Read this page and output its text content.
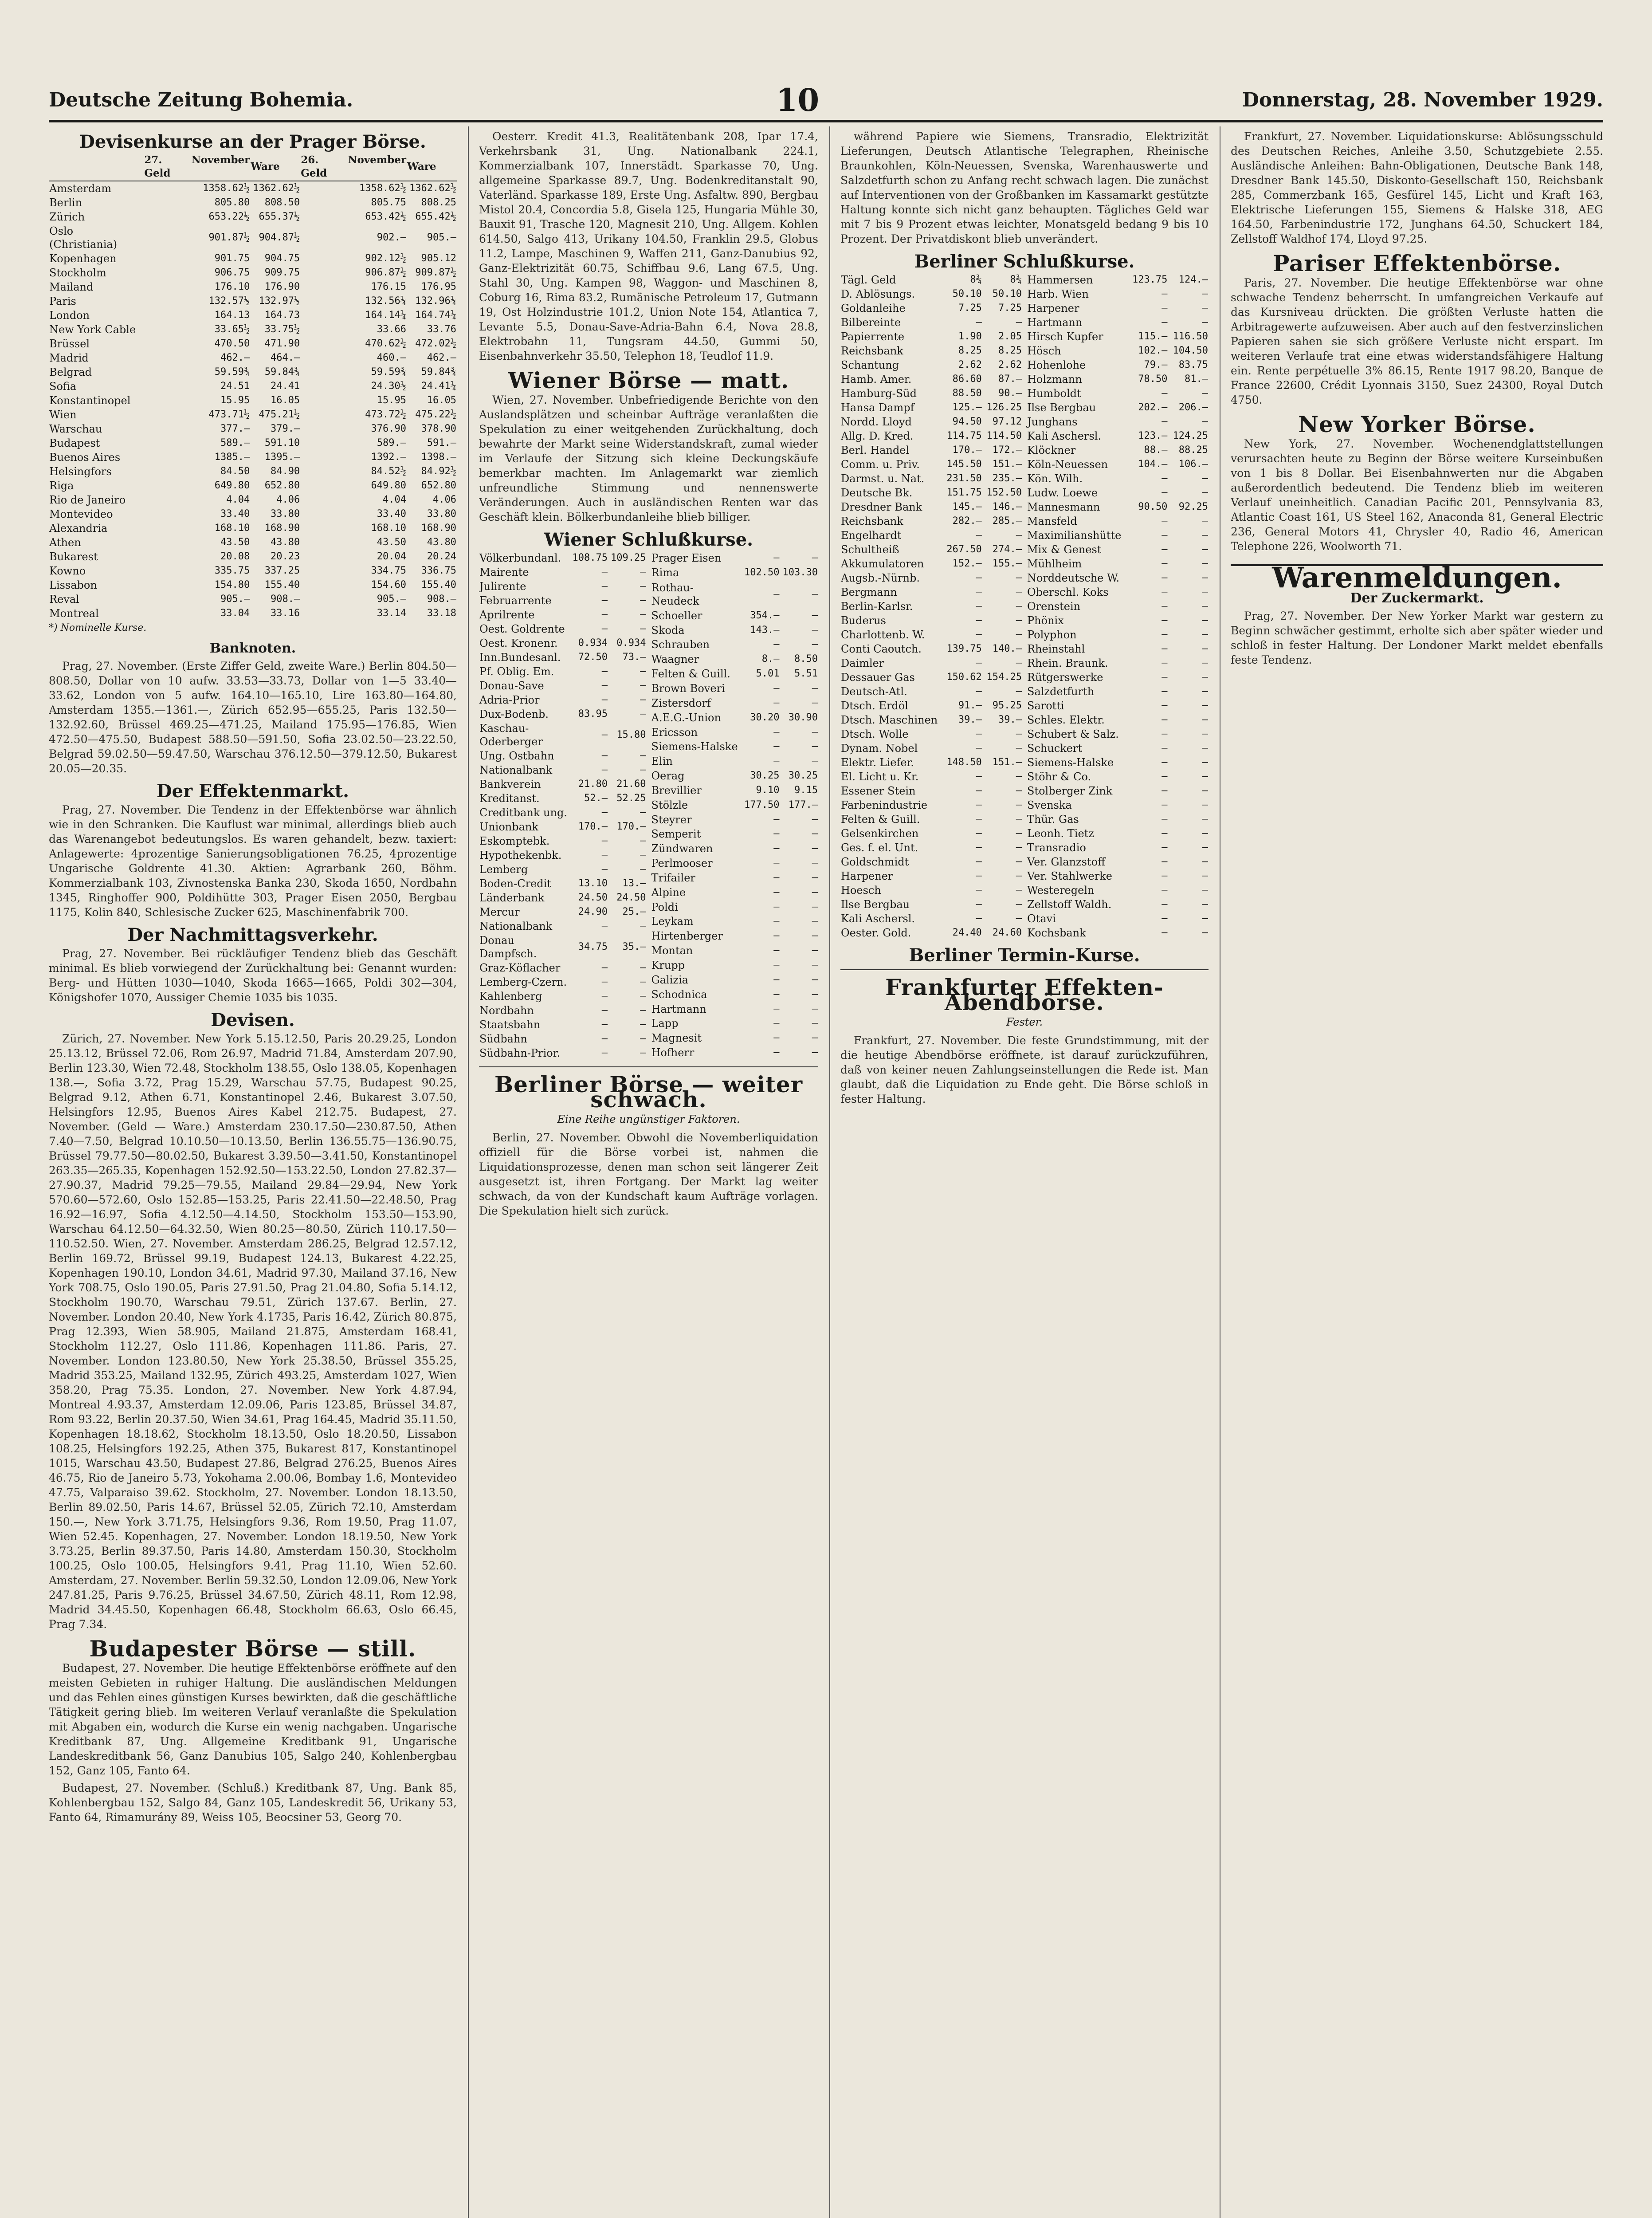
Deutsche Zeitung Bohemia.	10	Donnerstag, 28. November 1929.
Devisenkurse an der Prager Börse.
	27. November Geld	Ware	26. November Geld	Ware
Amsterdam	1358.62½	1362.62½	1358.62½	1362.62½
Berlin	805.80	808.50	805.75	808.25
Zürich	653.22½	655.37½	653.42½	655.42½
Oslo (Christiania)	901.87½	904.87½	902.—	905.—
Kopenhagen	901.75	904.75	902.12½	905.12
Stockholm	906.75	909.75	906.87½	909.87½
Mailand	176.10	176.90	176.15	176.95
Paris	132.57½	132.97½	132.56¼	132.96¼
London	164.13	164.73	164.14¼	164.74¼
New York Cable	33.65½	33.75½	33.66	33.76
Brüssel	470.50	471.90	470.62½	472.02½
Madrid	462.—	464.—	460.—	462.—
Belgrad	59.59¾	59.84¾	59.59¾	59.84¾
Sofia	24.51	24.41	24.30½	24.41¼
Konstantinopel	15.95	16.05	15.95	16.05
Wien	473.71½	475.21½	473.72½	475.22½
Warschau	377.—	379.—	376.90	378.90
Budapest	589.—	591.10	589.—	591.—
Buenos Aires	1385.—	1395.—	1392.—	1398.—
Helsingfors	84.50	84.90	84.52½	84.92½
Riga	649.80	652.80	649.80	652.80
Rio de Janeiro	4.04	4.06	4.04	4.06
Montevideo	33.40	33.80	33.40	33.80
Alexandria	168.10	168.90	168.10	168.90
Athen	43.50	43.80	43.50	43.80
Bukarest	20.08	20.23	20.04	20.24
Kowno	335.75	337.25	334.75	336.75
Lissabon	154.80	155.40	154.60	155.40
Reval	905.—	908.—	905.—	908.—
Montreal	33.04	33.16	33.14	33.18
*) Nominelle Kurse.
Banknoten.

Prag, 27. November. (Erste Ziffer Geld, zweite Ware.) Berlin 804.50—808.50, Dollar von 10 aufw. 33.53—33.73, Dollar von 1—5 33.40—33.62, London von 5 aufw. 164.10—165.10, Lire 163.80—164.80, Amsterdam 1355.—1361.—, Zürich 652.95—655.25, Paris 132.50—132.92.60, Brüssel 469.25—471.25, Mailand 175.95—176.85, Wien 472.50—475.50, Budapest 588.50—591.50, Sofia 23.02.50—23.22.50, Belgrad 59.02.50—59.47.50, Warschau 376.12.50—379.12.50, Bukarest 20.05—20.35.

Der Effektenmarkt.

Prag, 27. November. Die Tendenz in der Effektenbörse war ähnlich wie in den Schranken. Die Kauflust war minimal, allerdings blieb auch das Warenangebot bedeutungslos. Es waren gehandelt, bezw. taxiert: Anlagewerte: 4prozentige Sanierungsobligationen 76.25, 4prozentige Ungarische Goldrente 41.30. Aktien: Agrarbank 260, Böhm. Kommerzialbank 103, Zivnostenska Banka 230, Skoda 1650, Nordbahn 1345, Ringhoffer 900, Poldihütte 303, Prager Eisen 2050, Bergbau 1175, Kolin 840, Schlesische Zucker 625, Maschinenfabrik 700.

Der Nachmittagsverkehr.

Prag, 27. November. Bei rückläufiger Tendenz blieb das Geschäft minimal. Es blieb vorwiegend der Zurückhaltung bei: Genannt wurden: Berg- und Hütten 1030—1040, Skoda 1665—1665, Poldi 302—304, Königshofer 1070, Aussiger Chemie 1035 bis 1035.

Devisen.

Zürich, 27. November. New York 5.15.12.50, Paris 20.29.25, London 25.13.12, Brüssel 72.06, Rom 26.97, Madrid 71.84, Amsterdam 207.90, Berlin 123.30, Wien 72.48, Stockholm 138.55, Oslo 138.05, Kopenhagen 138.—, Sofia 3.72, Prag 15.29, Warschau 57.75, Budapest 90.25, Belgrad 9.12, Athen 6.71, Konstantinopel 2.46, Bukarest 3.07.50, Helsingfors 12.95, Buenos Aires Kabel 212.75. Budapest, 27. November. (Geld — Ware.) Amsterdam 230.17.50—230.87.50, Athen 7.40—7.50, Belgrad 10.10.50—10.13.50, Berlin 136.55.75—136.90.75, Brüssel 79.77.50—80.02.50, Bukarest 3.39.50—3.41.50, Konstantinopel 263.35—265.35, Kopenhagen 152.92.50—153.22.50, London 27.82.37—27.90.37, Madrid 79.25—79.55, Mailand 29.84—29.94, New York 570.60—572.60, Oslo 152.85—153.25, Paris 22.41.50—22.48.50, Prag 16.92—16.97, Sofia 4.12.50—4.14.50, Stockholm 153.50—153.90, Warschau 64.12.50—64.32.50, Wien 80.25—80.50, Zürich 110.17.50—110.52.50. Wien, 27. November. Amsterdam 286.25, Belgrad 12.57.12, Berlin 169.72, Brüssel 99.19, Budapest 124.13, Bukarest 4.22.25, Kopenhagen 190.10, London 34.61, Madrid 97.30, Mailand 37.16, New York 708.75, Oslo 190.05, Paris 27.91.50, Prag 21.04.80, Sofia 5.14.12, Stockholm 190.70, Warschau 79.51, Zürich 137.67. Berlin, 27. November. London 20.40, New York 4.1735, Paris 16.42, Zürich 80.875, Prag 12.393, Wien 58.905, Mailand 21.875, Amsterdam 168.41, Stockholm 112.27, Oslo 111.86, Kopenhagen 111.86. Paris, 27. November. London 123.80.50, New York 25.38.50, Brüssel 355.25, Madrid 353.25, Mailand 132.95, Zürich 493.25, Amsterdam 1027, Wien 358.20, Prag 75.35. London, 27. November. New York 4.87.94, Montreal 4.93.37, Amsterdam 12.09.06, Paris 123.85, Brüssel 34.87, Rom 93.22, Berlin 20.37.50, Wien 34.61, Prag 164.45, Madrid 35.11.50, Kopenhagen 18.18.62, Stockholm 18.13.50, Oslo 18.20.50, Lissabon 108.25, Helsingfors 192.25, Athen 375, Bukarest 817, Konstantinopel 1015, Warschau 43.50, Budapest 27.86, Belgrad 276.25, Buenos Aires 46.75, Rio de Janeiro 5.73, Yokohama 2.00.06, Bombay 1.6, Montevideo 47.75, Valparaiso 39.62. Stockholm, 27. November. London 18.13.50, Berlin 89.02.50, Paris 14.67, Brüssel 52.05, Zürich 72.10, Amsterdam 150.—, New York 3.71.75, Helsingfors 9.36, Rom 19.50, Prag 11.07, Wien 52.45. Kopenhagen, 27. November. London 18.19.50, New York 3.73.25, Berlin 89.37.50, Paris 14.80, Amsterdam 150.30, Stockholm 100.25, Oslo 100.05, Helsingfors 9.41, Prag 11.10, Wien 52.60. Amsterdam, 27. November. Berlin 59.32.50, London 12.09.06, New York 247.81.25, Paris 9.76.25, Brüssel 34.67.50, Zürich 48.11, Rom 12.98, Madrid 34.45.50, Kopenhagen 66.48, Stockholm 66.63, Oslo 66.45, Prag 7.34.

Budapester Börse — still.

Budapest, 27. November. Die heutige Effektenbörse eröffnete auf den meisten Gebieten in ruhiger Haltung. Die ausländischen Meldungen und das Fehlen eines günstigen Kurses bewirkten, daß die geschäftliche Tätigkeit gering blieb. Im weiteren Verlauf veranlaßte die Spekulation mit Abgaben ein, wodurch die Kurse ein wenig nachgaben. Ungarische Kreditbank 87, Ung. Allgemeine Kreditbank 91, Ungarische Landeskreditbank 56, Ganz Danubius 105, Salgo 240, Kohlenbergbau 152, Ganz 105, Fanto 64.

Budapest, 27. November. (Schluß.) Kreditbank 87, Ung. Bank 85, Kohlenbergbau 152, Salgo 84, Ganz 105, Landeskredit 56, Urikany 53, Fanto 64, Rimamurány 89, Weiss 105, Beocsiner 53, Georg 70.

Oesterr. Kredit 41.3, Realitätenbank 208, Ipar 17.4, Verkehrsbank 31, Ung. Nationalbank 224.1, Kommerzialbank 107, Innerstädt. Sparkasse 70, Ung. allgemeine Sparkasse 89.7, Ung. Bodenkreditanstalt 90, Vaterländ. Sparkasse 189, Erste Ung. Asfaltw. 890, Bergbau Mistol 20.4, Concordia 5.8, Gisela 125, Hungaria Mühle 30, Bauxit 91, Trasche 120, Magnesit 210, Ung. Allgem. Kohlen 614.50, Salgo 413, Urikany 104.50, Franklin 29.5, Globus 11.2, Lampe, Maschinen 9, Waffen 211, Ganz-Danubius 92, Ganz-Elektrizität 60.75, Schiffbau 9.6, Lang 67.5, Ung. Stahl 30, Ung. Kampen 98, Waggon- und Maschinen 8, Coburg 16, Rima 83.2, Rumänische Petroleum 17, Gutmann 19, Ost Holzindustrie 101.2, Union Note 154, Atlantica 7, Levante 5.5, Donau-Save-Adria-Bahn 6.4, Nova 28.8, Elektrobahn 11, Tungsram 44.50, Gummi 50, Eisenbahnverkehr 35.50, Telephon 18, Teudlof 11.9.

Wiener Börse — matt.

Wien, 27. November. Unbefriedigende Berichte von den Auslandsplätzen und scheinbar Aufträge veranlaßten die Spekulation zu einer weitgehenden Zurückhaltung, doch bewahrte der Markt seine Widerstandskraft, zumal wieder im Verlaufe der Sitzung sich kleine Deckungskäufe bemerkbar machten. Im Anlagemarkt war ziemlich unfreundliche Stimmung und nennenswerte Veränderungen. Auch in ausländischen Renten war das Geschäft klein. Bölkerbundanleihe blieb billiger.

Wiener Schlußkurse.
Völkerbundanl.	108.75	109.25
Mairente	—	—
Julirente	—	—
Februarrente	—	—
Aprilrente	—	—
Oest. Goldrente	—	—
Oest. Kronenr.	0.934	0.934
Inn.Bundesanl.	72.50	73.—
Pf. Oblig. Em.	—	—
Donau-Save	—	—
Adria-Prior	—	—
Dux-Bodenb.	83.95	—
Kaschau-Oderberger	—	15.80
Ung. Ostbahn	—	—
Nationalbank	—	—
Bankverein	21.80	21.60
Kreditanst.	52.—	52.25
Creditbank ung.	—	—
Unionbank	170.—	170.—
Eskomptebk.	—	—
Hypothekenbk.	—	—
Lemberg	—	—
Boden-Credit	13.10	13.—
Länderbank	24.50	24.50
Mercur	24.90	25.—
Nationalbank	—	—
Donau Dampfsch.	34.75	35.—
Graz-Köflacher	—	—
Lemberg-Czern.	—	—
Kahlenberg	—	—
Nordbahn	—	—
Staatsbahn	—	—
Südbahn	—	—
Südbahn-Prior.	—	—
Prager Eisen	—	—
Rima	102.50	103.30
Rothau-Neudeck	—	—
Schoeller	354.—	—
Skoda	143.—	—
Schrauben	—	—
Waagner	8.—	8.50
Felten & Guill.	5.01	5.51
Brown Boveri	—	—
Zistersdorf	—	—
A.E.G.-Union	30.20	30.90
Ericsson	—	—
Siemens-Halske	—	—
Elin	—	—
Oerag	30.25	30.25
Brevillier	9.10	9.15
Stölzle	177.50	177.—
Steyrer	—	—
Semperit	—	—
Zündwaren	—	—
Perlmooser	—	—
Trifailer	—	—
Alpine	—	—
Poldi	—	—
Leykam	—	—
Hirtenberger	—	—
Montan	—	—
Krupp	—	—
Galizia	—	—
Schodnica	—	—
Hartmann	—	—
Lapp	—	—
Magnesit	—	—
Hofherr	—	—
Berliner Börse — weiter schwach.
Eine Reihe ungünstiger Faktoren.

Berlin, 27. November. Obwohl die Novemberliquidation offiziell für die Börse vorbei ist, nahmen die Liquidationsprozesse, denen man schon seit längerer Zeit ausgesetzt ist, ihren Fortgang. Der Markt lag weiter schwach, da von der Kundschaft kaum Aufträge vorlagen. Die Spekulation hielt sich zurück.

während Papiere wie Siemens, Transradio, Elektrizität Lieferungen, Deutsch Atlantische Telegraphen, Rheinische Braunkohlen, Köln-Neuessen, Svenska, Warenhauswerte und Salzdetfurth schon zu Anfang recht schwach lagen. Die zunächst auf Interventionen von der Großbanken im Kassamarkt gestützte Haltung konnte sich nicht ganz behaupten. Tägliches Geld war mit 7 bis 9 Prozent etwas leichter, Monatsgeld bedang 9 bis 10 Prozent. Der Privatdiskont blieb unverändert.

Berliner Schlußkurse.
Tägl. Geld	8¾	8¾
D. Ablösungs.	50.10	50.10
Goldanleihe	7.25	7.25
Bilbereinte	—	—
Papierrente	1.90	2.05
Reichsbank	8.25	8.25
Schantung	2.62	2.62
Hamb. Amer.	86.60	87.—
Hamburg-Süd	88.50	90.—
Hansa Dampf	125.—	126.25
Nordd. Lloyd	94.50	97.12
Allg. D. Kred.	114.75	114.50
Berl. Handel	170.—	172.—
Comm. u. Priv.	145.50	151.—
Darmst. u. Nat.	231.50	235.—
Deutsche Bk.	151.75	152.50
Dresdner Bank	145.—	146.—
Reichsbank	282.—	285.—
Engelhardt	—	—
Schultheiß	267.50	274.—
Akkumulatoren	152.—	155.—
Augsb.-Nürnb.	—	—
Bergmann	—	—
Berlin-Karlsr.	—	—
Buderus	—	—
Charlottenb. W.	—	—
Conti Caoutch.	139.75	140.—
Daimler	—	—
Dessauer Gas	150.62	154.25
Deutsch-Atl.	—	—
Dtsch. Erdöl	91.—	95.25
Dtsch. Maschinen	39.—	39.—
Dtsch. Wolle	—	—
Dynam. Nobel	—	—
Elektr. Liefer.	148.50	151.—
El. Licht u. Kr.	—	—
Essener Stein	—	—
Farbenindustrie	—	—
Felten & Guill.	—	—
Gelsenkirchen	—	—
Ges. f. el. Unt.	—	—
Goldschmidt	—	—
Harpener	—	—
Hoesch	—	—
Ilse Bergbau	—	—
Kali Aschersl.	—	—
Oester. Gold.	24.40	24.60
Hammersen	123.75	124.—
Harb. Wien	—	—
Harpener	—	—
Hartmann	—	—
Hirsch Kupfer	115.—	116.50
Hösch	102.—	104.50
Hohenlohe	79.—	83.75
Holzmann	78.50	81.—
Humboldt	—	—
Ilse Bergbau	202.—	206.—
Junghans	—	—
Kali Aschersl.	123.—	124.25
Klöckner	88.—	88.25
Köln-Neuessen	104.—	106.—
Kön. Wilh.	—	—
Ludw. Loewe	—	—
Mannesmann	90.50	92.25
Mansfeld	—	—
Maximilianshütte	—	—
Mix & Genest	—	—
Mühlheim	—	—
Norddeutsche W.	—	—
Oberschl. Koks	—	—
Orenstein	—	—
Phönix	—	—
Polyphon	—	—
Rheinstahl	—	—
Rhein. Braunk.	—	—
Rütgerswerke	—	—
Salzdetfurth	—	—
Sarotti	—	—
Schles. Elektr.	—	—
Schubert & Salz.	—	—
Schuckert	—	—
Siemens-Halske	—	—
Stöhr & Co.	—	—
Stolberger Zink	—	—
Svenska	—	—
Thür. Gas	—	—
Leonh. Tietz	—	—
Transradio	—	—
Ver. Glanzstoff	—	—
Ver. Stahlwerke	—	—
Westeregeln	—	—
Zellstoff Waldh.	—	—
Otavi	—	—
Kochsbank	—	—
Berliner Termin-Kurse.
Frankfurter Effekten-Abendbörse.
Fester.

Frankfurt, 27. November. Die feste Grundstimmung, mit der die heutige Abendbörse eröffnete, ist darauf zurückzuführen, daß von keiner neuen Zahlungseinstellungen die Rede ist. Man glaubt, daß die Liquidation zu Ende geht. Die Börse schloß in fester Haltung.

Frankfurt, 27. November. Liquidationskurse: Ablösungsschuld des Deutschen Reiches, Anleihe 3.50, Schutzgebiete 2.55. Ausländische Anleihen: Bahn-Obligationen, Deutsche Bank 148, Dresdner Bank 145.50, Diskonto-Gesellschaft 150, Reichsbank 285, Commerzbank 165, Gesfürel 145, Licht und Kraft 163, Elektrische Lieferungen 155, Siemens & Halske 318, AEG 164.50, Farbenindustrie 172, Junghans 64.50, Schuckert 184, Zellstoff Waldhof 174, Lloyd 97.25.

Pariser Effektenbörse.

Paris, 27. November. Die heutige Effektenbörse war ohne schwache Tendenz beherrscht. In umfangreichen Verkaufe auf das Kursniveau drückten. Die größten Verluste hatten die Arbitragewerte aufzuweisen. Aber auch auf den festverzinslichen Papieren sahen sie sich größere Verluste nicht erspart. Im weiteren Verlaufe trat eine etwas widerstandsfähigere Haltung ein. Rente perpétuelle 3% 86.15, Rente 1917 98.20, Banque de France 22600, Crédit Lyonnais 3150, Suez 24300, Royal Dutch 4750.

New Yorker Börse.

New York, 27. November. Wochenendglattstellungen verursachten heute zu Beginn der Börse weitere Kurseinbußen von 1 bis 8 Dollar. Bei Eisenbahnwerten nur die Abgaben außerordentlich bedeutend. Die Tendenz blieb im weiteren Verlauf uneinheitlich. Canadian Pacific 201, Pennsylvania 83, Atlantic Coast 161, US Steel 162, Anaconda 81, General Electric 236, General Motors 41, Chrysler 40, Radio 46, American Telephone 226, Woolworth 71.

Warenmeldungen.
Der Zuckermarkt.

Prag, 27. November. Der New Yorker Markt war gestern zu Beginn schwächer gestimmt, erholte sich aber später wieder und schloß in fester Haltung. Der Londoner Markt meldet ebenfalls feste Tendenz.
